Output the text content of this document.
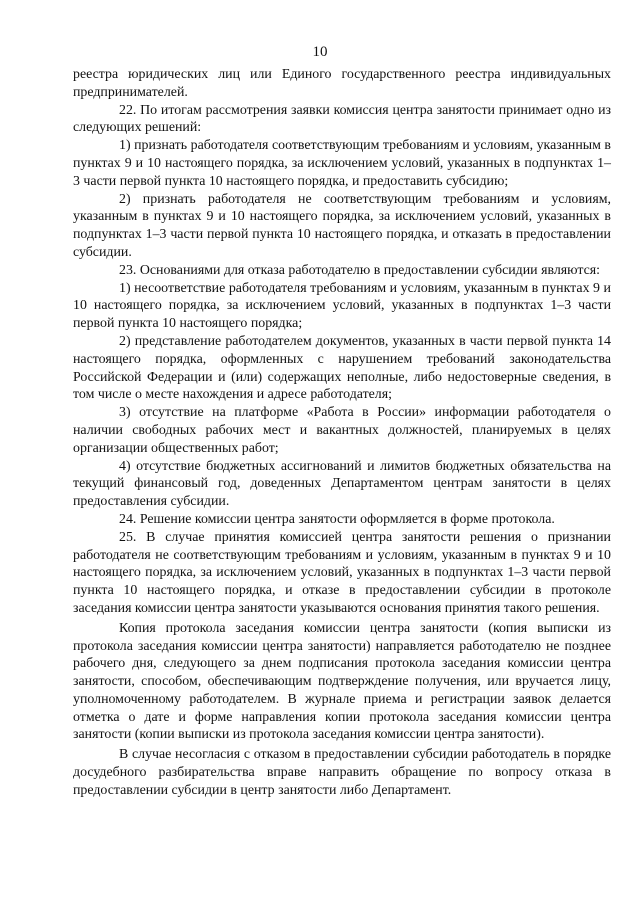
10

реестра юридических лиц или Единого государственного реестра индивидуальных предпринимателей.

22. По итогам рассмотрения заявки комиссия центра занятости принимает одно из следующих решений:

1) признать работодателя соответствующим требованиям и условиям, указанным в пунктах 9 и 10 настоящего порядка, за исключением условий, указанных в подпунктах 1–3 части первой пункта 10 настоящего порядка, и предоставить субсидию;

2) признать работодателя не соответствующим требованиям и условиям, указанным в пунктах 9 и 10 настоящего порядка, за исключением условий, указанных в подпунктах 1–3 части первой пункта 10 настоящего порядка, и отказать в предоставлении субсидии.

23. Основаниями для отказа работодателю в предоставлении субсидии являются:

1) несоответствие работодателя требованиям и условиям, указанным в пунктах 9 и 10 настоящего порядка, за исключением условий, указанных в подпунктах 1–3 части первой пункта 10 настоящего порядка;

2) представление работодателем документов, указанных в части первой пункта 14 настоящего порядка, оформленных с нарушением требований законодательства Российской Федерации и (или) содержащих неполные, либо недостоверные сведения, в том числе о месте нахождения и адресе работодателя;

3) отсутствие на платформе «Работа в России» информации работодателя о наличии свободных рабочих мест и вакантных должностей, планируемых в целях организации общественных работ;

4) отсутствие бюджетных ассигнований и лимитов бюджетных обязательства на текущий финансовый год, доведенных Департаментом центрам занятости в целях предоставления субсидии.

24. Решение комиссии центра занятости оформляется в форме протокола.

25. В случае принятия комиссией центра занятости решения о признании работодателя не соответствующим требованиям и условиям, указанным в пунктах 9 и 10 настоящего порядка, за исключением условий, указанных в подпунктах 1–3 части первой пункта 10 настоящего порядка, и отказе в предоставлении субсидии в протоколе заседания комиссии центра занятости указываются основания принятия такого решения.

Копия протокола заседания комиссии центра занятости (копия выписки из протокола заседания комиссии центра занятости) направляется работодателю не позднее рабочего дня, следующего за днем подписания протокола заседания комиссии центра занятости, способом, обеспечивающим подтверждение получения, или вручается лицу, уполномоченному работодателем. В журнале приема и регистрации заявок делается отметка о дате и форме направления копии протокола заседания комиссии центра занятости (копии выписки из протокола заседания комиссии центра занятости).

В случае несогласия с отказом в предоставлении субсидии работодатель в порядке досудебного разбирательства вправе направить обращение по вопросу отказа в предоставлении субсидии в центр занятости либо Департамент.
